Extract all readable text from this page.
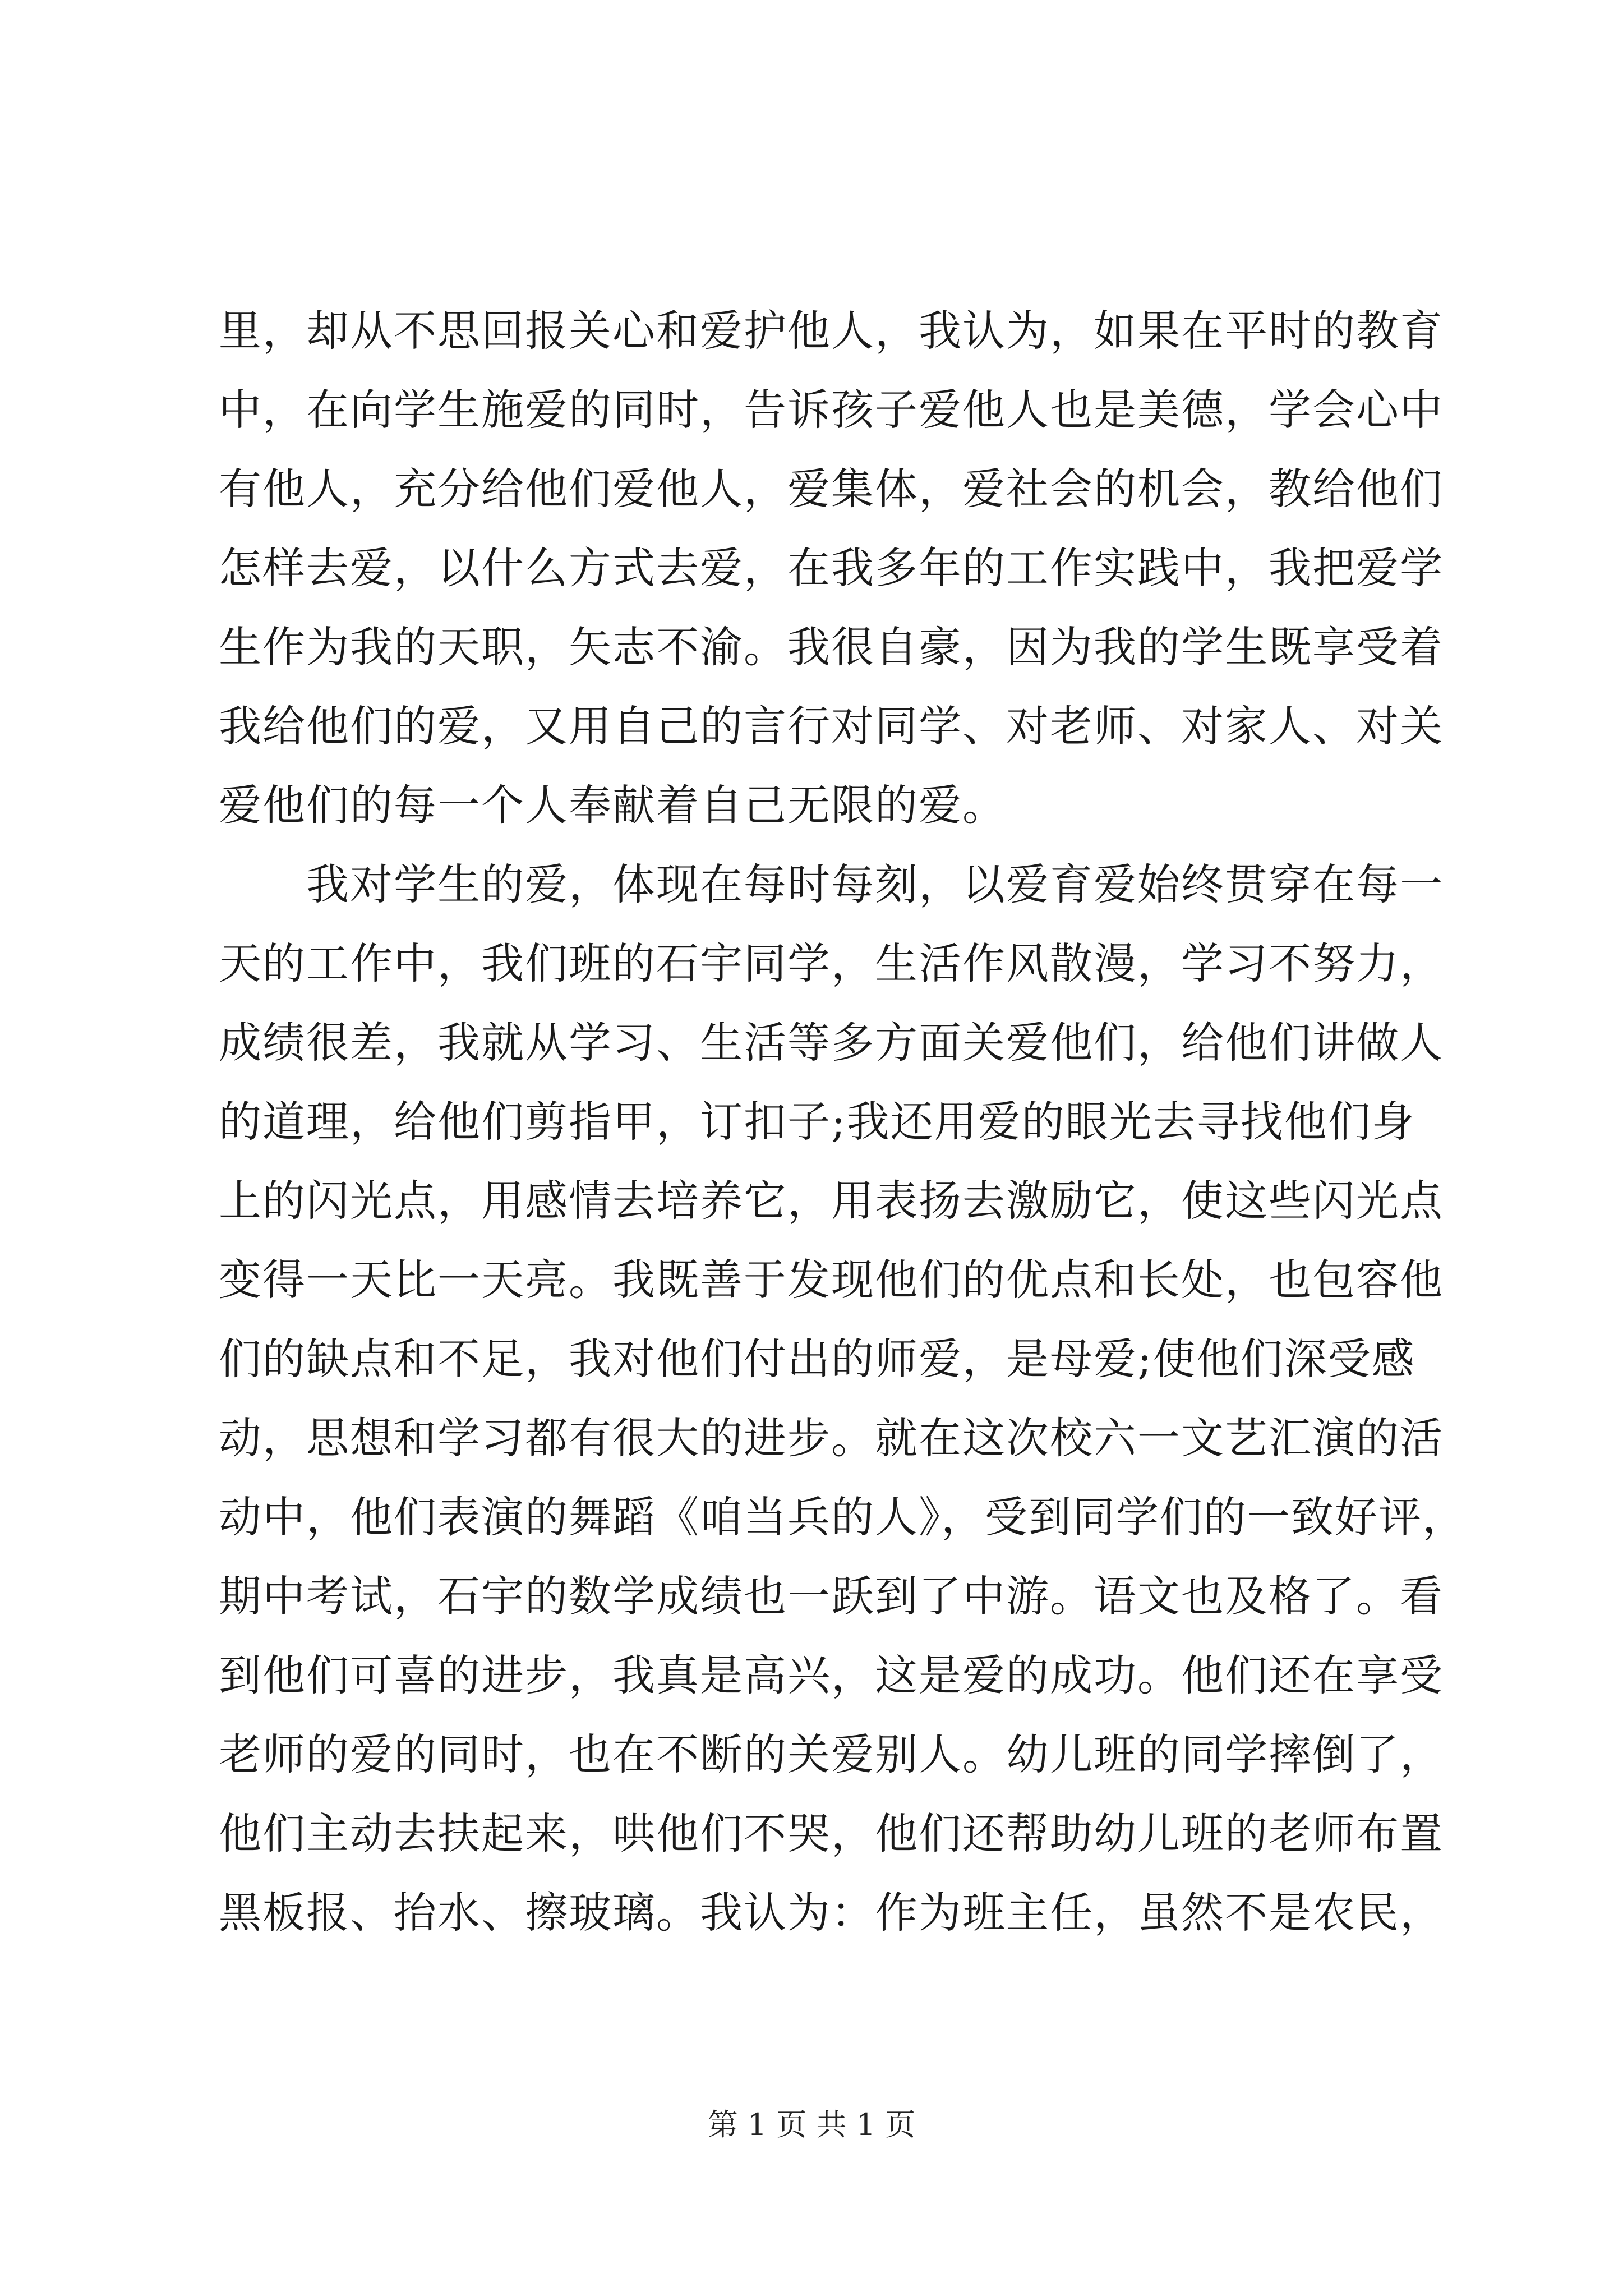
里，却从不思回报关心和爱护他人，我认为，如果在平时的教育
中，在向学生施爱的同时，告诉孩子爱他人也是美德，学会心中
有他人，充分给他们爱他人，爱集体，爱社会的机会，教给他们
怎样去爱，以什么方式去爱，在我多年的工作实践中，我把爱学
生作为我的天职，矢志不渝。我很自豪，因为我的学生既享受着
我给他们的爱，又用自己的言行对同学、对老师、对家人、对关
爱他们的每一个人奉献着自己无限的爱。
　　我对学生的爱，体现在每时每刻，以爱育爱始终贯穿在每一
天的工作中，我们班的石宇同学，生活作风散漫，学习不努力，
成绩很差，我就从学习、生活等多方面关爱他们，给他们讲做人
的道理，给他们剪指甲，订扣子;我还用爱的眼光去寻找他们身
上的闪光点，用感情去培养它，用表扬去激励它，使这些闪光点
变得一天比一天亮。我既善于发现他们的优点和长处，也包容他
们的缺点和不足，我对他们付出的师爱，是母爱;使他们深受感
动，思想和学习都有很大的进步。就在这次校六一文艺汇演的活
动中，他们表演的舞蹈《咱当兵的人》，受到同学们的一致好评，
期中考试，石宇的数学成绩也一跃到了中游。语文也及格了。看
到他们可喜的进步，我真是高兴，这是爱的成功。他们还在享受
老师的爱的同时，也在不断的关爱别人。幼儿班的同学摔倒了，
他们主动去扶起来，哄他们不哭，他们还帮助幼儿班的老师布置
黑板报、抬水、擦玻璃。我认为：作为班主任，虽然不是农民，
第 1 页 共 1 页
